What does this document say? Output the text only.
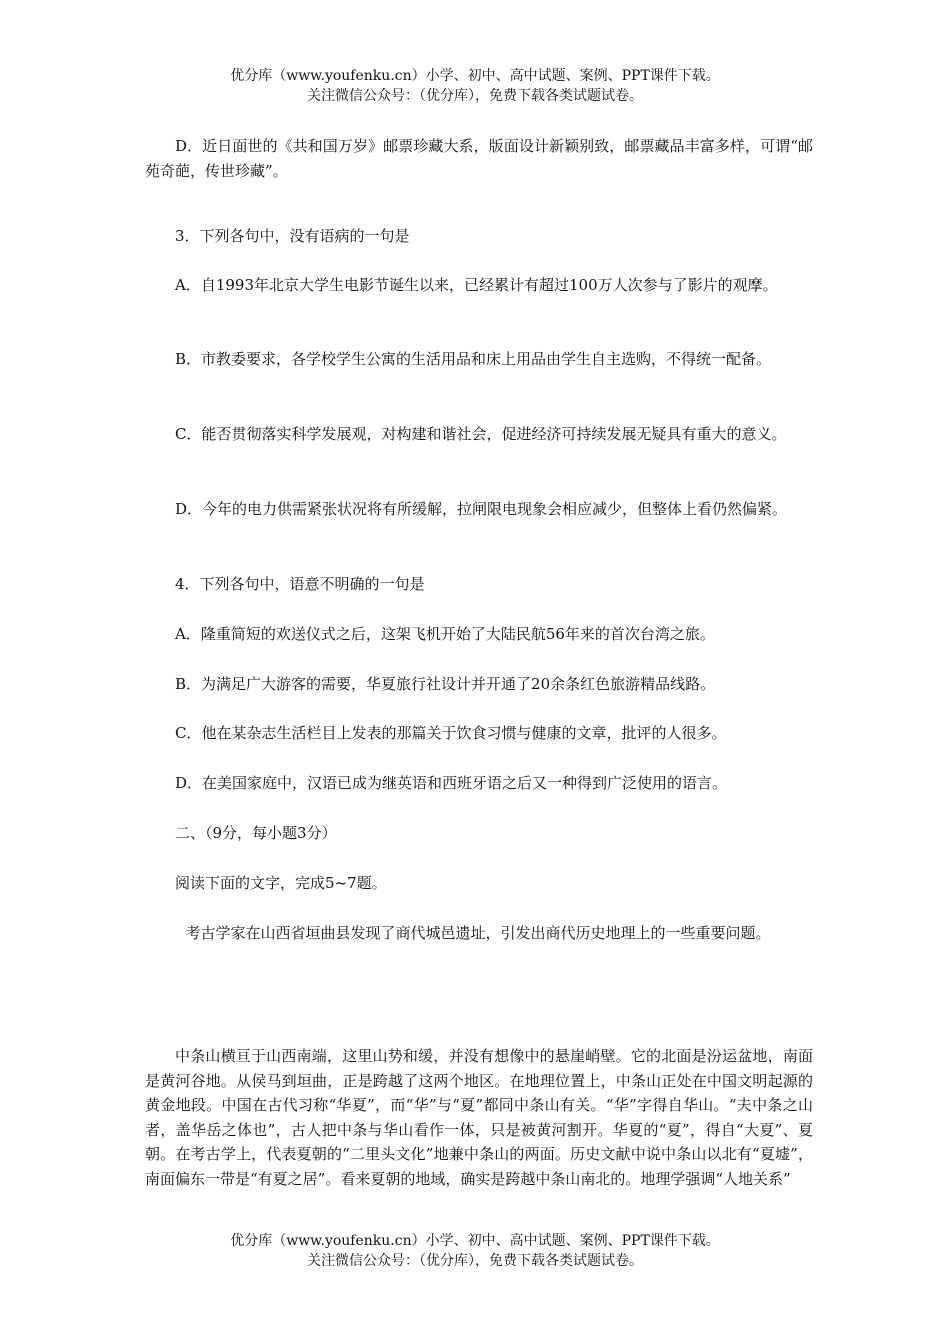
优分库（www.youfenku.cn）小学、初中、高中试题、案例、PPT课件下载。
关注微信公众号：（优分库），免费下载各类试题试卷。

D．近日面世的《共和国万岁》邮票珍藏大系，版面设计新颖别致，邮票藏品丰富多样，可谓“邮苑奇葩，传世珍藏”。

3．下列各句中，没有语病的一句是

A．自1993年北京大学生电影节诞生以来，已经累计有超过100万人次参与了影片的观摩。

B．市教委要求，各学校学生公寓的生活用品和床上用品由学生自主选购，不得统一配备。

C．能否贯彻落实科学发展观，对构建和谐社会，促进经济可持续发展无疑具有重大的意义。

D．今年的电力供需紧张状况将有所缓解，拉闸限电现象会相应减少，但整体上看仍然偏紧。

4．下列各句中，语意不明确的一句是

A．隆重简短的欢送仪式之后，这架飞机开始了大陆民航56年来的首次台湾之旅。

B．为满足广大游客的需要，华夏旅行社设计并开通了20余条红色旅游精品线路。

C．他在某杂志生活栏目上发表的那篇关于饮食习惯与健康的文章，批评的人很多。

D．在美国家庭中，汉语已成为继英语和西班牙语之后又一种得到广泛使用的语言。

二、（9分，每小题3分）

阅读下面的文字，完成5~7题。

考古学家在山西省垣曲县发现了商代城邑遗址，引发出商代历史地理上的一些重要问题。

中条山横亘于山西南端，这里山势和缓，并没有想像中的悬崖峭壁。它的北面是汾运盆地，南面是黄河谷地。从侯马到垣曲，正是跨越了这两个地区。在地理位置上，中条山正处在中国文明起源的黄金地段。中国在古代习称“华夏”，而“华”与“夏”都同中条山有关。“华”字得自华山。“夫中条之山者，盖华岳之体也”，古人把中条与华山看作一体，只是被黄河割开。华夏的“夏”，得自“大夏”、夏朝。在考古学上，代表夏朝的“二里头文化”地兼中条山的两面。历史文献中说中条山以北有“夏墟”，南面偏东一带是“有夏之居”。看来夏朝的地域，确实是跨越中条山南北的。地理学强调“人地关系”

优分库（www.youfenku.cn）小学、初中、高中试题、案例、PPT课件下载。
关注微信公众号：（优分库），免费下载各类试题试卷。
